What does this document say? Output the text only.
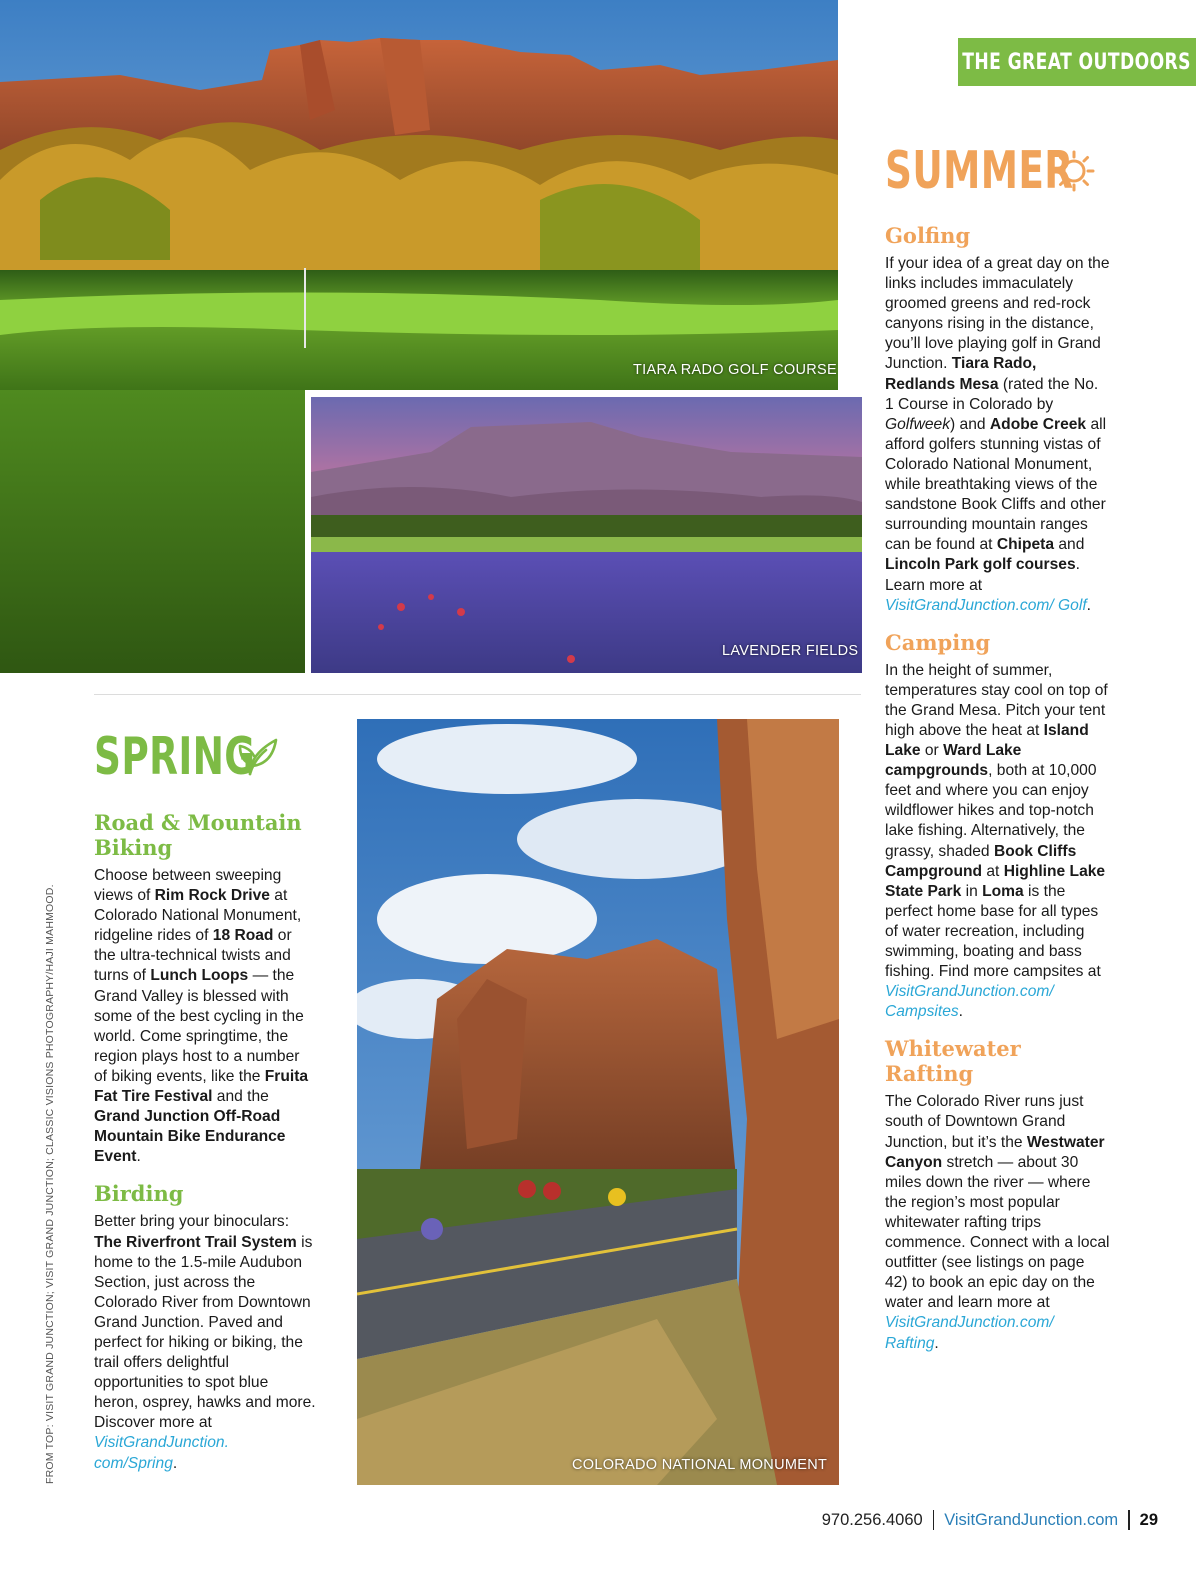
TIARA RADO GOLF COURSE
LAVENDER FIELDS
THE GREAT OUTDOORS
SUMMER
Golfing

If your idea of a great day on the links includes immaculately groomed greens and red-rock canyons rising in the distance, you’ll love playing golf in Grand Junction. Tiara Rado, Redlands Mesa (rated the No. 1 Course in Colorado by Golfweek) and Adobe Creek all afford golfers stunning vistas of Colorado National Monument, while breathtaking views of the sandstone Book Cliffs and other surrounding mountain ranges can be found at Chipeta and Lincoln Park golf courses. Learn more at VisitGrandJunction.com/ Golf.

Camping

In the height of summer, temperatures stay cool on top of the Grand Mesa. Pitch your tent high above the heat at Island Lake or Ward Lake campgrounds, both at 10,000 feet and where you can enjoy wildflower hikes and top-notch lake fishing. Alternatively, the grassy, shaded Book Cliffs Campground at Highline Lake State Park in Loma is the perfect home base for all types of water recreation, including swimming, boating and bass fishing. Find more campsites at VisitGrandJunction.com/ Campsites.

Whitewater Rafting

The Colorado River runs just south of Downtown Grand Junction, but it’s the Westwater Canyon stretch — about 30 miles down the river — where the region’s most popular whitewater rafting trips commence. Connect with a local outfitter (see listings on page 42) to book an epic day on the water and learn more at VisitGrandJunction.com/ Rafting.

SPRING
Road & Mountain Biking

Choose between sweeping views of Rim Rock Drive at Colorado National Monument, ridgeline rides of 18 Road or the ultra-technical twists and turns of Lunch Loops — the Grand Valley is blessed with some of the best cycling in the world. Come springtime, the region plays host to a number of biking events, like the Fruita Fat Tire Festival and the Grand Junction Off-Road Mountain Bike Endurance Event.

Birding

Better bring your binoculars: The Riverfront Trail System is home to the 1.5-mile Audubon Section, just across the Colorado River from Downtown Grand Junction. Paved and perfect for hiking or biking, the trail offers delightful opportunities to spot blue heron, osprey, hawks and more. Discover more at VisitGrandJunction. com/Spring.	COLORADO NATIONAL MONUMENT
FROM TOP: VISIT GRAND JUNCTION; VISIT GRAND JUNCTION; CLASSIC VISIONS PHOTOGRAPHY/HAJI MAHMOOD.
970.256.4060 VisitGrandJunction.com 29
